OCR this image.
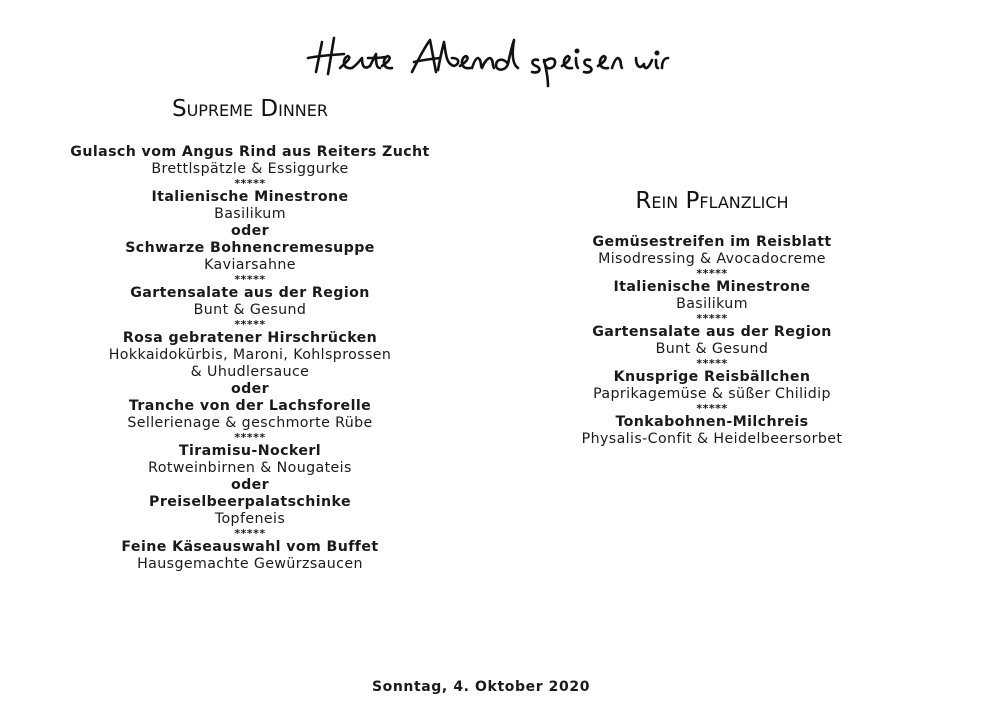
Supreme Dinner
Gulasch vom Angus Rind aus Reiters Zucht
Brettlspätzle & Essiggurke
*****
Italienische Minestrone
Basilikum
oder
Schwarze Bohnencremesuppe
Kaviarsahne
*****
Gartensalate aus der Region
Bunt & Gesund
*****
Rosa gebratener Hirschrücken
Hokkaidokürbis, Maroni, Kohlsprossen
& Uhudlersauce
oder
Tranche von der Lachsforelle
Sellerienage & geschmorte Rübe
*****
Tiramisu-Nockerl
Rotweinbirnen & Nougateis
oder
Preiselbeerpalatschinke
Topfeneis
*****
Feine Käseauswahl vom Buffet
Hausgemachte Gewürzsaucen
Rein Pflanzlich
Gemüsestreifen im Reisblatt
Misodressing & Avocadocreme
*****
Italienische Minestrone
Basilikum
*****
Gartensalate aus der Region
Bunt & Gesund
*****
Knusprige Reisbällchen
Paprikagemüse & süßer Chilidip
*****
Tonkabohnen-Milchreis
Physalis-Confit & Heidelbeersorbet
Sonntag, 4. Oktober 2020
